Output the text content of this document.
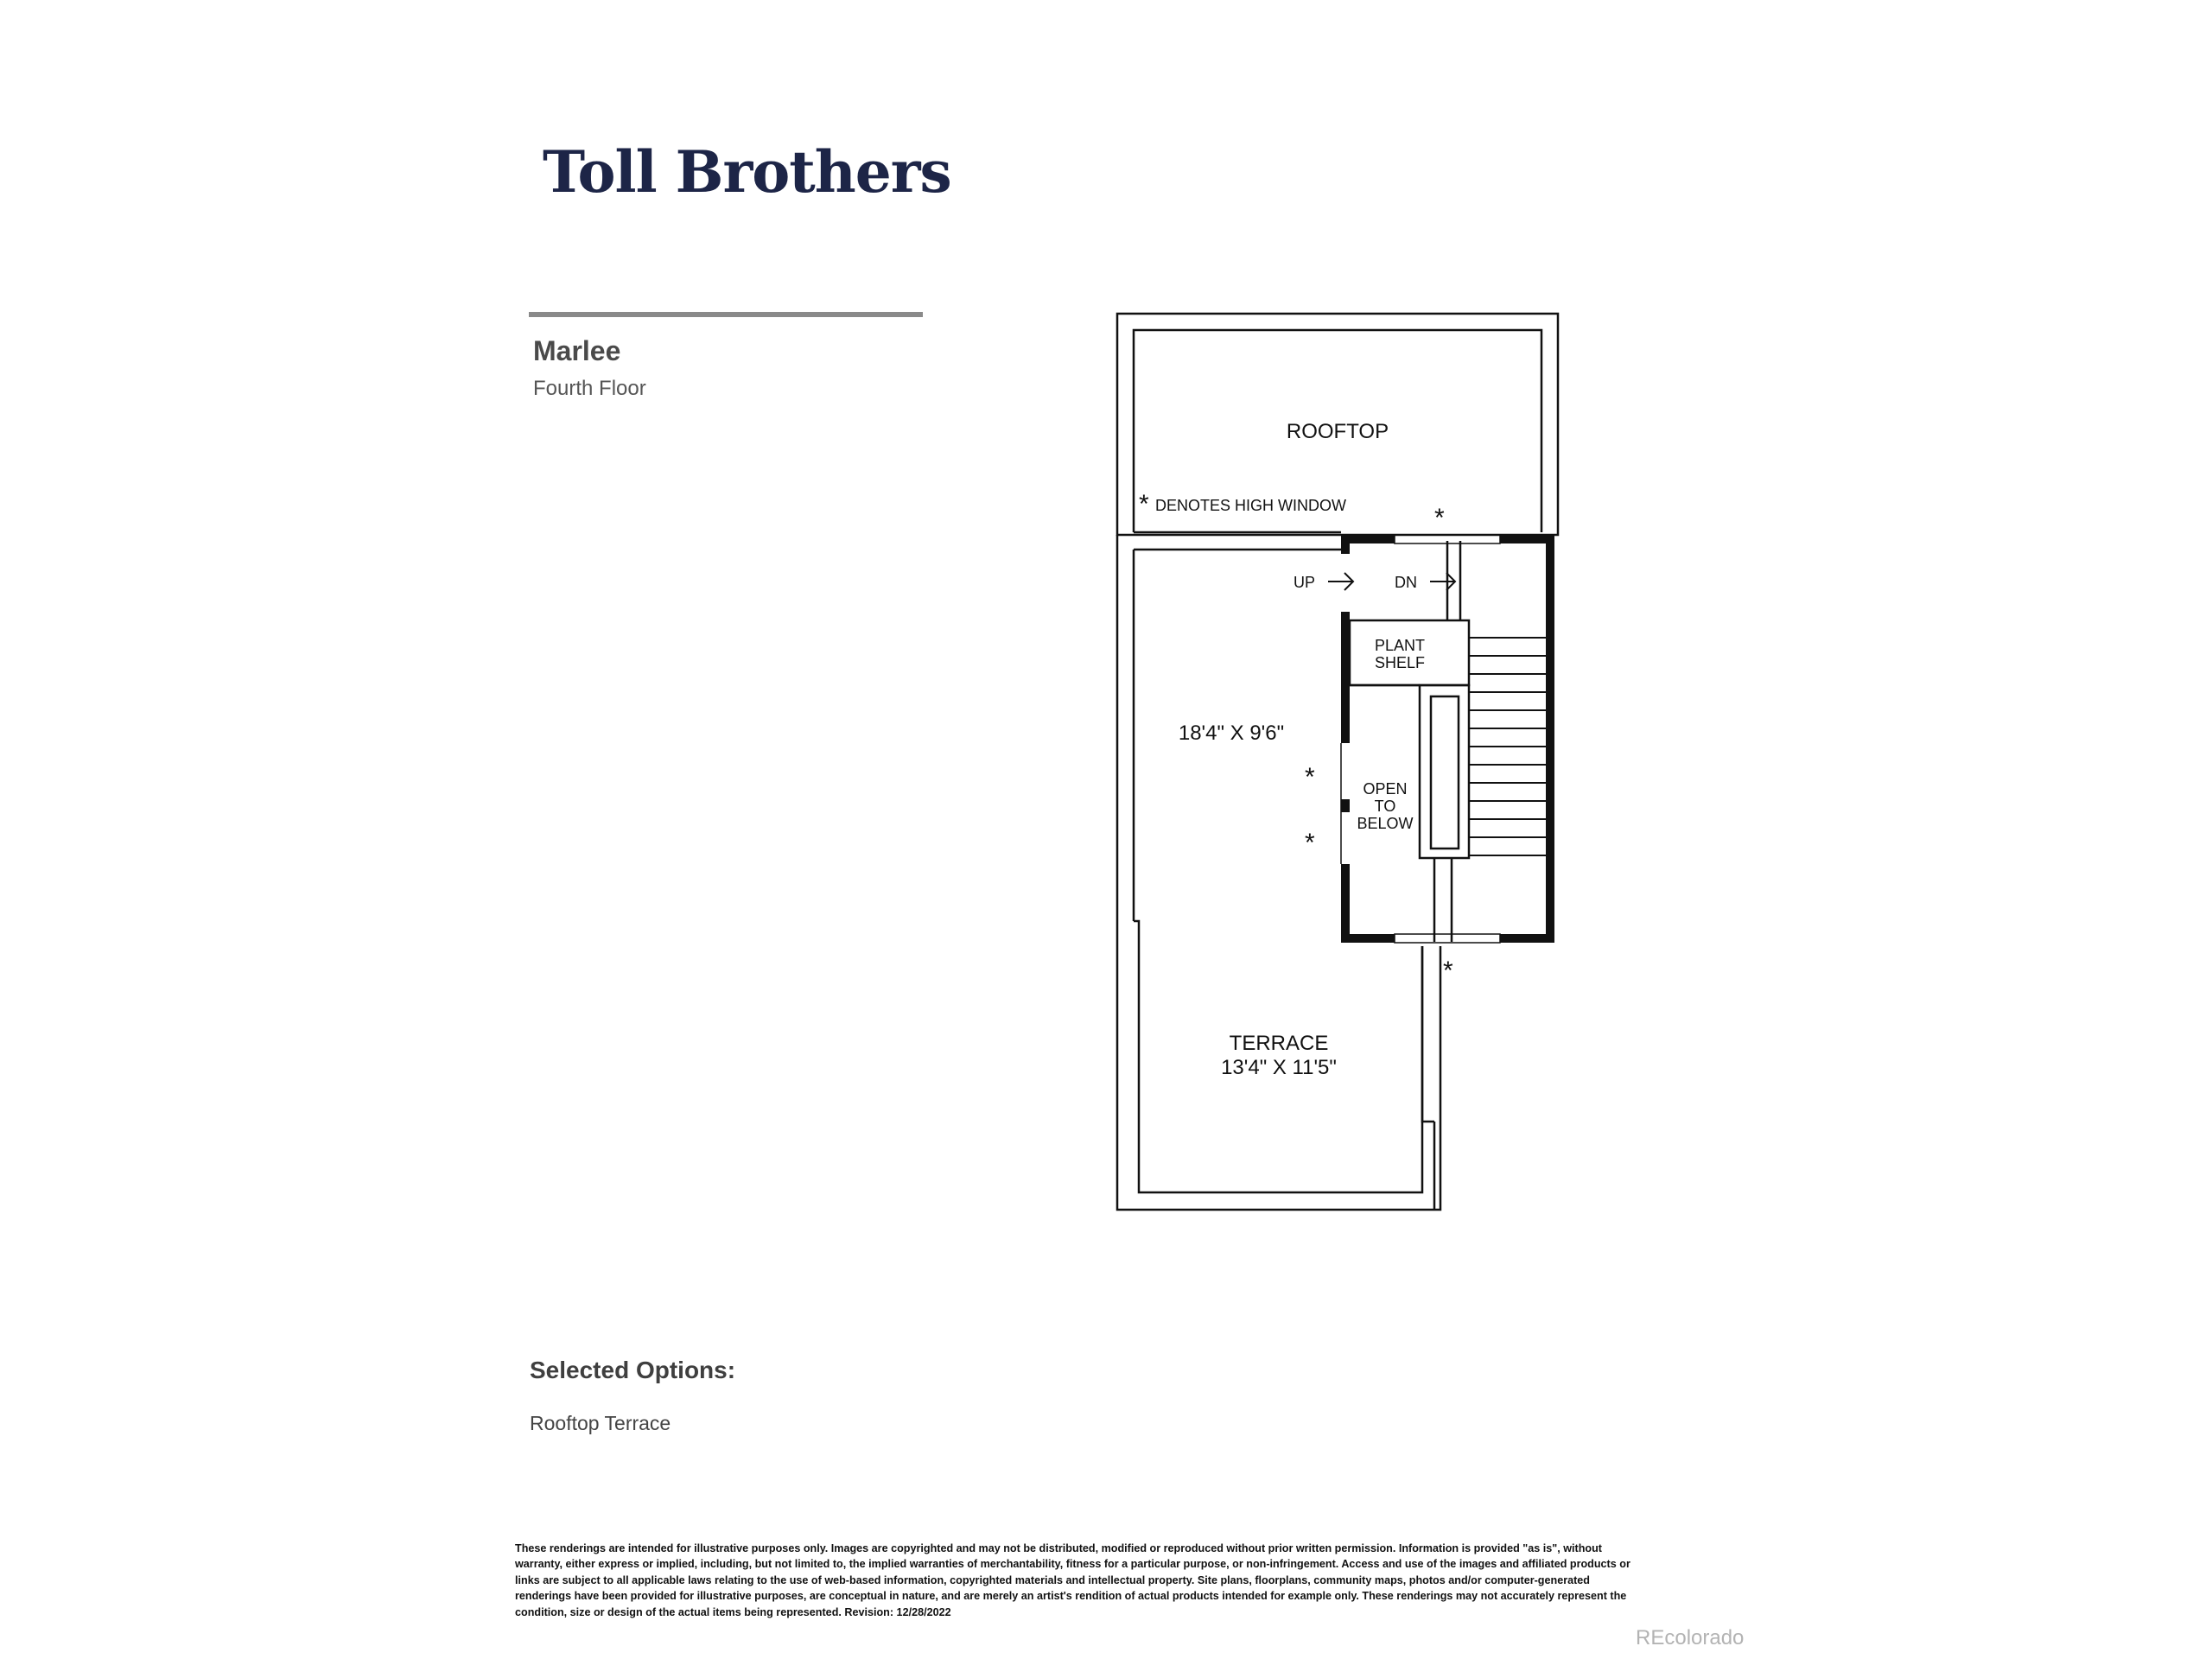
Toll Brothers
Marlee
Fourth Floor
ROOFTOP
* DENOTES HIGH WINDOW	*
UP	DN
PLANT
SHELF
18'4" X 9'6"
*
*
OPEN
TO
BELOW
*
TERRACE
13'4" X 11'5"
Selected Options:
Rooftop Terrace
These renderings are intended for illustrative purposes only. Images are copyrighted and may not be distributed, modified or reproduced without prior written permission. Information is provided "as is", without warranty, either express or implied, including, but not limited to, the implied warranties of merchantability, fitness for a particular purpose, or non-infringement. Access and use of the images and affiliated products or links are subject to all applicable laws relating to the use of web-based information, copyrighted materials and intellectual property. Site plans, floorplans, community maps, photos and/or computer-generated renderings have been provided for illustrative purposes, are conceptual in nature, and are merely an artist's rendition of actual products intended for example only. These renderings may not accurately represent the condition, size or design of the actual items being represented. Revision: 12/28/2022
REcolorado
